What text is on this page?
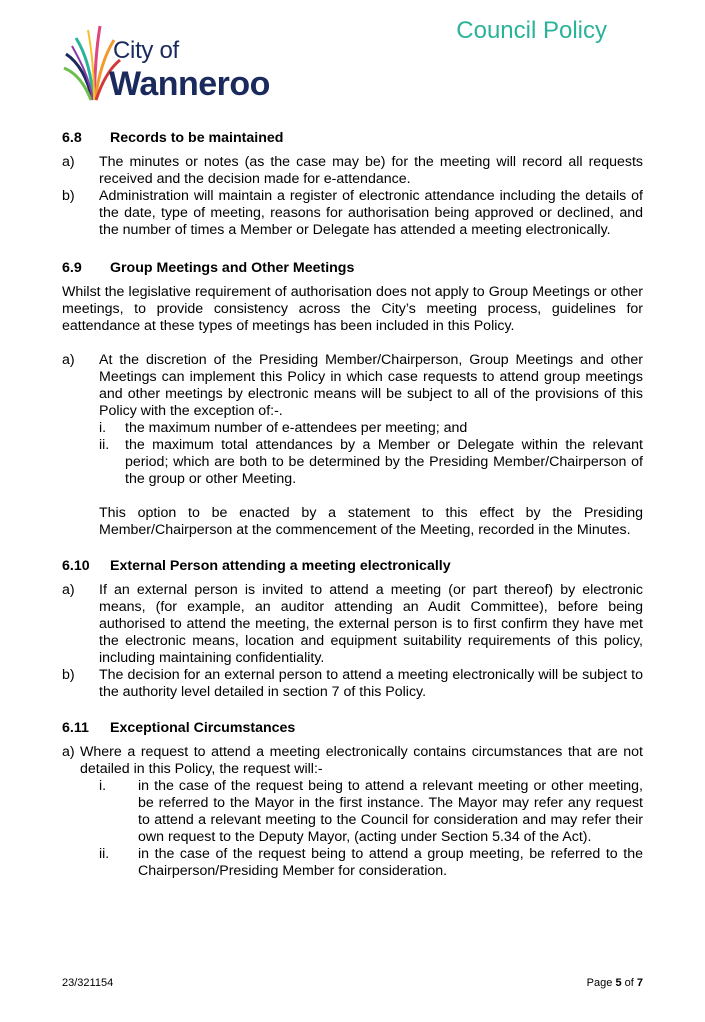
City of
Wanneroo
Council Policy
6.8	Records to be maintained
a)	The minutes or notes (as the case may be) for the meeting will record all requests received and the decision made for e-attendance.
b)	Administration will maintain a register of electronic attendance including the details of the date, type of meeting, reasons for authorisation being approved or declined, and the number of times a Member or Delegate has attended a meeting electronically.
6.9	Group Meetings and Other Meetings

Whilst the legislative requirement of authorisation does not apply to Group Meetings or other meetings, to provide consistency across the City’s meeting process, guidelines for eattendance at these types of meetings has been included in this Policy.

a)	At the discretion of the Presiding Member/Chairperson, Group Meetings and other Meetings can implement this Policy in which case requests to attend group meetings and other meetings by electronic means will be subject to all of the provisions of this Policy with the exception of:-.
i.	the maximum number of e-attendees per meeting; and
ii.	the maximum total attendances by a Member or Delegate within the relevant period; which are both to be determined by the Presiding Member/Chairperson of the group or other Meeting.
This option to be enacted by a statement to this effect by the Presiding Member/Chairperson at the commencement of the Meeting, recorded in the Minutes.
6.10	External Person attending a meeting electronically
a)	If an external person is invited to attend a meeting (or part thereof) by electronic means, (for example, an auditor attending an Audit Committee), before being authorised to attend the meeting, the external person is to first confirm they have met the electronic means, location and equipment suitability requirements of this policy, including maintaining confidentiality.
b)	The decision for an external person to attend a meeting electronically will be subject to the authority level detailed in section 7 of this Policy.
6.11	Exceptional Circumstances
a) Where a request to attend a meeting electronically contains circumstances that are not detailed in this Policy, the request will:-
i.	in the case of the request being to attend a relevant meeting or other meeting, be referred to the Mayor in the first instance. The Mayor may refer any request to attend a relevant meeting to the Council for consideration and may refer their own request to the Deputy Mayor, (acting under Section 5.34 of the Act).
ii.	in the case of the request being to attend a group meeting, be referred to the Chairperson/Presiding Member for consideration.
23/321154	Page 5 of 7
